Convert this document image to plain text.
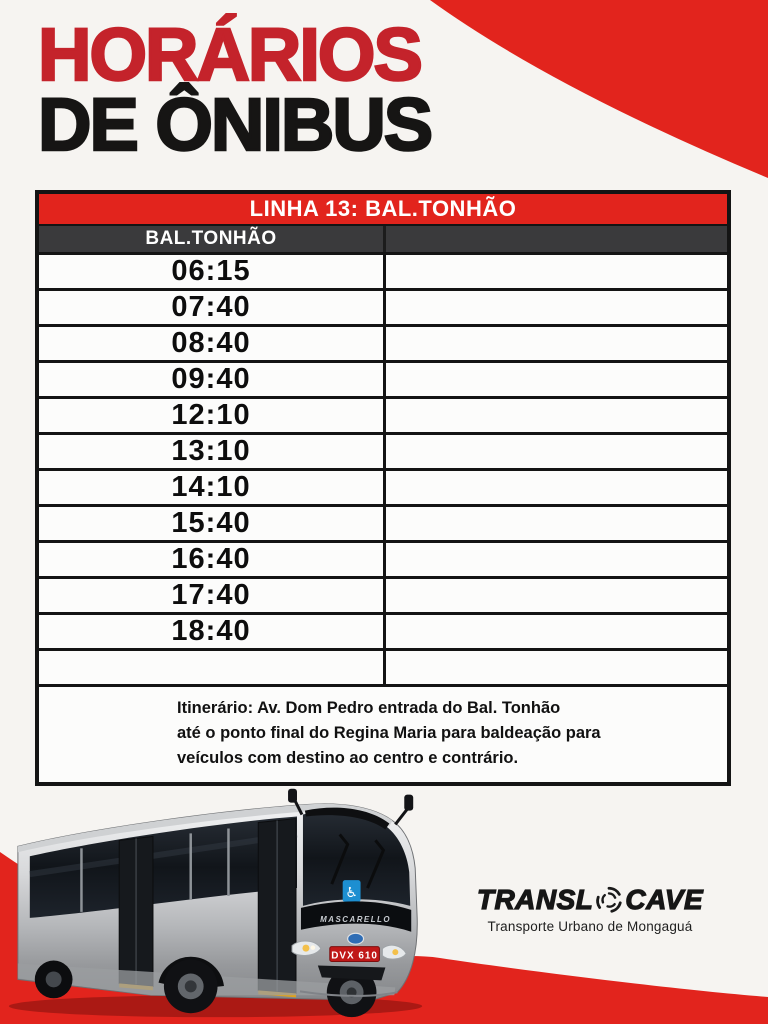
HORÁRIOS
DE ÔNIBUS
LINHA 13: BAL.TONHÃO
BAL.TONHÃO
06:15
07:40
08:40
09:40
12:10
13:10
14:10
15:40
16:40
17:40
18:40
Itinerário: Av. Dom Pedro entrada do Bal. Tonhão
até o ponto final do Regina Maria para baldeação para
veículos com destino ao centro e contrário.
♿
MASCARELLO
DVX 610
TRANSL CAVE
Transporte Urbano de Mongaguá
